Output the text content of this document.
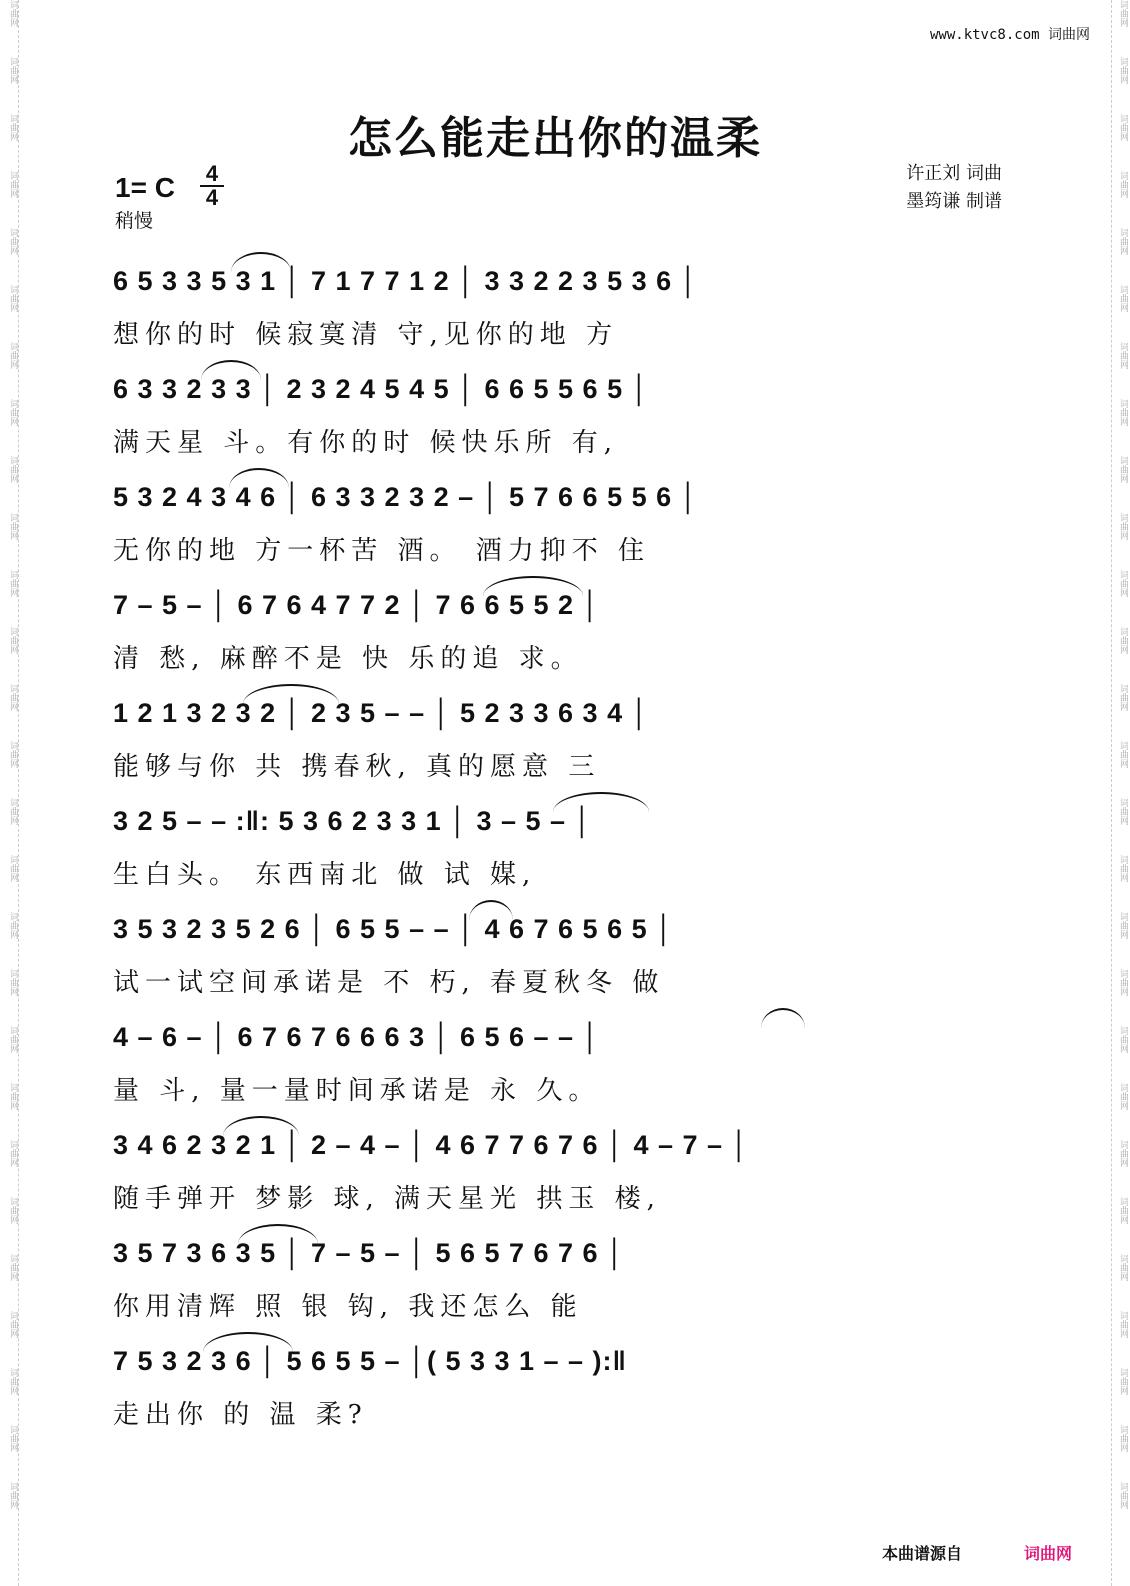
词曲网
词曲网
词曲网
词曲网
词曲网
词曲网
词曲网
词曲网
词曲网
词曲网
词曲网
词曲网
词曲网
词曲网
词曲网
词曲网
词曲网
词曲网
词曲网
词曲网
词曲网
词曲网
词曲网
词曲网
词曲网
词曲网
词曲网
词曲网
词曲网
词曲网
词曲网
词曲网
词曲网
词曲网
词曲网
词曲网
词曲网
词曲网
词曲网
词曲网
词曲网
词曲网
词曲网
词曲网
词曲网
词曲网
词曲网
词曲网
词曲网
词曲网
词曲网
词曲网
词曲网
词曲网
www.ktvc8.com 词曲网
怎么能走出你的温柔
1= C 4
4
稍慢
许正刘 词曲
墨筠谦 制谱
6 5 3 3 5 3 1 │ 7 1 7 7 1 2 │ 3 3 2 2 3 5 3 6 │
想你的时 候寂寞清 守,见你的地 方
6 3 3 2 3 3 │ 2 3 2 4 5 4 5 │ 6 6 5 5 6 5 │
满天星 斗。有你的时 候快乐所 有,
5 3 2 4 3 4 6 │ 6 3 3 2 3 2 – │ 5 7 6 6 5 5 6 │
无你的地 方一杯苦 酒。 酒力抑不 住
7 – 5 – │ 6 7 6 4 7 7 2 │ 7 6 6 5 5 2 │
清 愁, 麻醉不是 快 乐的追 求。
1 2 1 3 2 3 2 │ 2 3 5 – – │ 5 2 3 3 6 3 4 │
能够与你 共 携春秋, 真的愿意 三
3 2 5 – – :‖: 5 3 6 2 3 3 1 │ 3 – 5 – │
生白头。 东西南北 做 试 媒,
3 5 3 2 3 5 2 6 │ 6 5 5 – – │ 4 6 7 6 5 6 5 │
试一试空间承诺是 不 朽, 春夏秋冬 做
4 – 6 – │ 6 7 6 7 6 6 6 3 │ 6 5 6 – – │
量 斗, 量一量时间承诺是 永 久。
3 4 6 2 3 2 1 │ 2 – 4 – │ 4 6 7 7 6 7 6 │ 4 – 7 – │
随手弹开 梦影 球, 满天星光 拱玉 楼,
3 5 7 3 6 3 5 │ 7 – 5 – │ 5 6 5 7 6 7 6 │
你用清辉 照 银 钩, 我还怎么 能
7 5 3 2 3 6 │ 5 6 5 5 – │( 5 3 3 1 – – ):‖
走出你 的 温 柔?
本曲谱源自	词曲网
